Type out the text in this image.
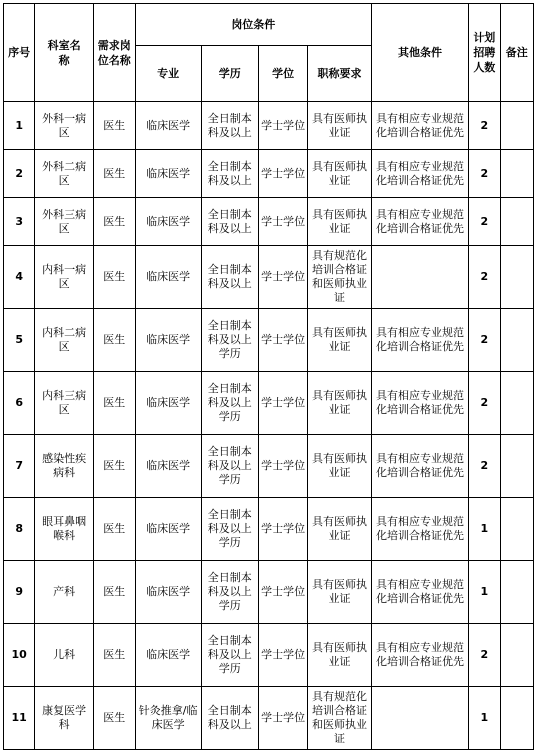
序号	科室名称	需求岗位名称	岗位条件				其他条件	计划招聘人数	备注

			专业	学历	学位	职称要求			
1	外科一病区	医生	临床医学	全日制本科及以上	学士学位	具有医师执业证	具有相应专业规范化培训合格证优先	2	
2	外科二病区	医生	临床医学	全日制本科及以上	学士学位	具有医师执业证	具有相应专业规范化培训合格证优先	2	
3	外科三病区	医生	临床医学	全日制本科及以上	学士学位	具有医师执业证	具有相应专业规范化培训合格证优先	2	
4	内科一病区	医生	临床医学	全日制本科及以上	学士学位	具有规范化培训合格证和医师执业证		2	
5	内科二病区	医生	临床医学	全日制本科及以上学历	学士学位	具有医师执业证	具有相应专业规范化培训合格证优先	2	
6	内科三病区	医生	临床医学	全日制本科及以上学历	学士学位	具有医师执业证	具有相应专业规范化培训合格证优先	2	
7	感染性疾病科	医生	临床医学	全日制本科及以上学历	学士学位	具有医师执业证	具有相应专业规范化培训合格证优先	2	
8	眼耳鼻咽喉科	医生	临床医学	全日制本科及以上学历	学士学位	具有医师执业证	具有相应专业规范化培训合格证优先	1	
9	产科	医生	临床医学	全日制本科及以上学历	学士学位	具有医师执业证	具有相应专业规范化培训合格证优先	1	
10	儿科	医生	临床医学	全日制本科及以上学历	学士学位	具有医师执业证	具有相应专业规范化培训合格证优先	2	
11	康复医学科	医生	针灸推拿/临床医学	全日制本科及以上	学士学位	具有规范化培训合格证和医师执业证		1	
